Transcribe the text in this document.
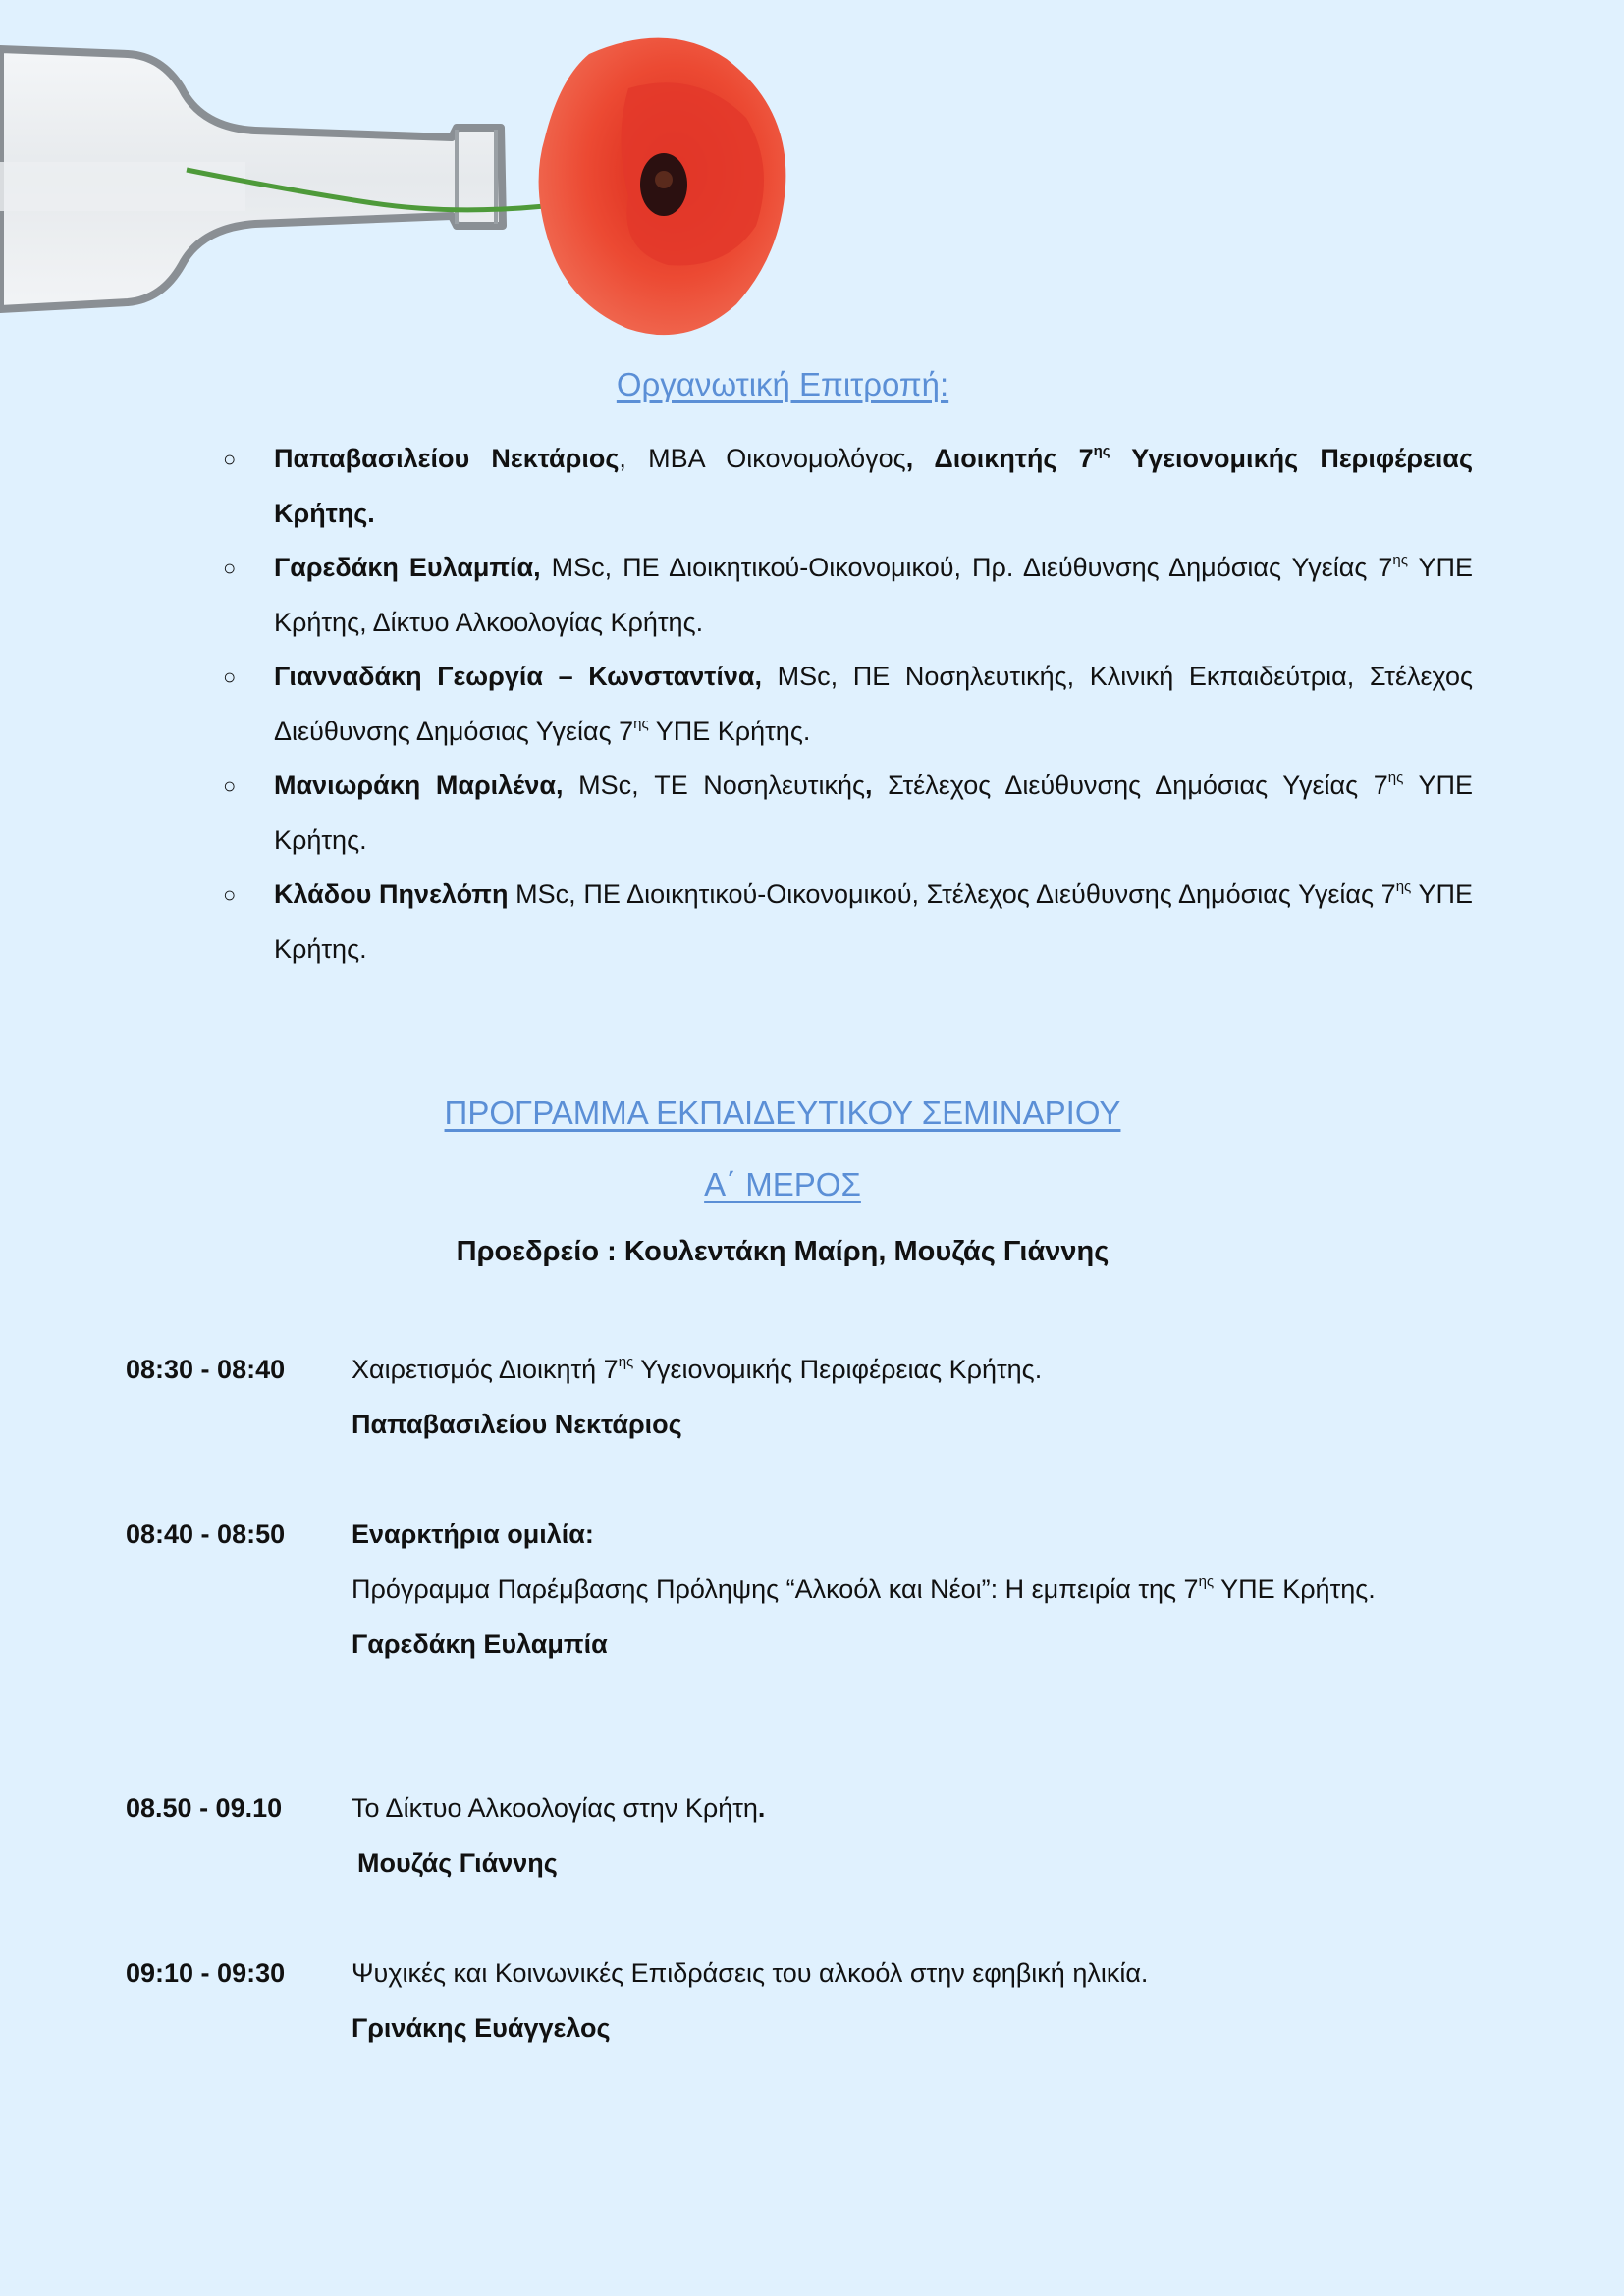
Οργανωτική Επιτροπή:
○ Παπαβασιλείου Νεκτάριος, MBA Οικονομολόγος, Διοικητής $7^{\eta\varsigma}$ Υγειονομικής Περιφέρειας Κρήτης.
○ Γαρεδάκη Ευλαμπία, MSc, ΠΕ Διοικητικού-Οικονομικού, Πρ. Διεύθυνσης Δημόσιας Υγείας $7^{\eta\varsigma}$ ΥΠΕ Κρήτης, Δίκτυο Αλκοολογίας Κρήτης.
○ Γιανναδάκη Γεωργία – Κωνσταντίνα, MSc, ΠΕ Νοσηλευτικής, Κλινική Εκπαιδεύτρια, Στέλεχος Διεύθυνσης Δημόσιας Υγείας $7^{\eta\varsigma}$ ΥΠΕ Κρήτης.
○ Μανιωράκη Μαριλένα, MSc, ΤΕ Νοσηλευτικής, Στέλεχος Διεύθυνσης Δημόσιας Υγείας $7^{\eta\varsigma}$ ΥΠΕ Κρήτης.
○ Κλάδου Πηνελόπη MSc, ΠΕ Διοικητικού-Οικονομικού, Στέλεχος Διεύθυνσης Δημόσιας Υγείας $7^{\eta\varsigma}$ ΥΠΕ Κρήτης.
ΠΡΟΓΡΑΜΜΑ ΕΚΠΑΙΔΕΥΤΙΚΟΥ ΣΕΜΙΝΑΡΙΟΥ
Α΄ ΜΕΡΟΣ
Προεδρείο : Κουλεντάκη Μαίρη, Μουζάς Γιάννης
08:30 - 08:40	Χαιρετισμός Διοικητή $7^{\eta\varsigma}$ Υγειονομικής Περιφέρειας Κρήτης.
Παπαβασιλείου Νεκτάριος
08:40 - 08:50	Εναρκτήρια ομιλία:
Πρόγραμμα Παρέμβασης Πρόληψης “Αλκοόλ και Νέοι”: Η εμπειρία της $7^{\eta\varsigma}$ ΥΠΕ Κρήτης.
Γαρεδάκη Ευλαμπία
08.50 - 09.10	Το Δίκτυο Αλκοολογίας στην Κρήτη.
Μουζάς Γιάννης
09:10 - 09:30	Ψυχικές και Κοινωνικές Επιδράσεις του αλκοόλ στην εφηβική ηλικία.
Γρινάκης Ευάγγελος
